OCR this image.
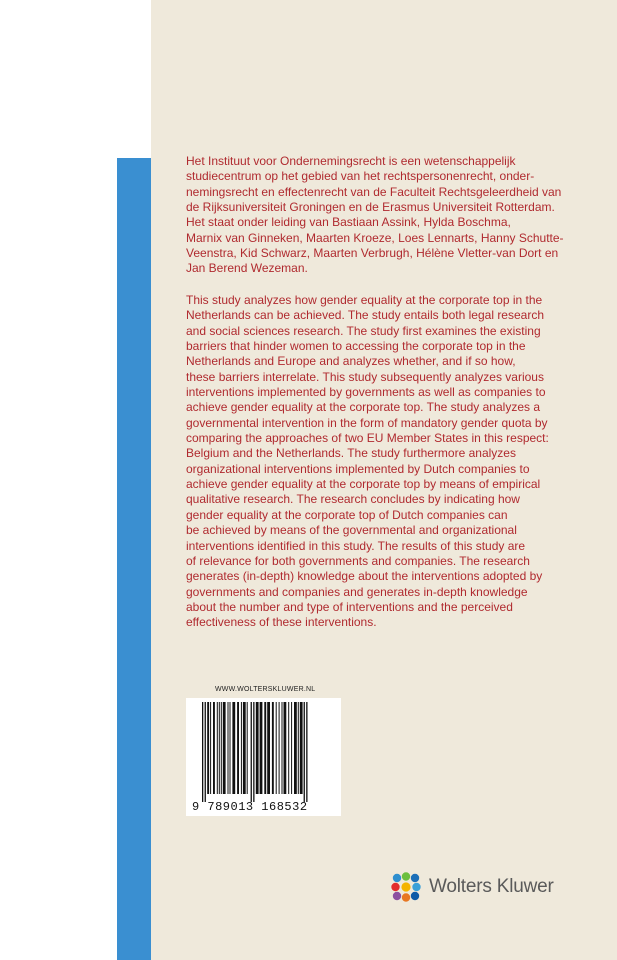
Het Instituut voor Ondernemingsrecht is een wetenschappelijk
studiecentrum op het gebied van het rechtspersonenrecht, onder-
nemingsrecht en effectenrecht van de Faculteit Rechtsgeleerdheid van
de Rijksuniversiteit Groningen en de Erasmus Universiteit Rotterdam.
Het staat onder leiding van Bastiaan Assink, Hylda Boschma,
Marnix van Ginneken, Maarten Kroeze, Loes Lennarts, Hanny Schutte-
Veenstra, Kid Schwarz, Maarten Verbrugh, Hélène Vletter-van Dort en
Jan Berend Wezeman.

This study analyzes how gender equality at the corporate top in the
Netherlands can be achieved. The study entails both legal research
and social sciences research. The study first examines the existing
barriers that hinder women to accessing the corporate top in the
Netherlands and Europe and analyzes whether, and if so how,
these barriers interrelate. This study subsequently analyzes various
interventions implemented by governments as well as companies to
achieve gender equality at the corporate top. The study analyzes a
governmental intervention in the form of mandatory gender quota by
comparing the approaches of two EU Member States in this respect:
Belgium and the Netherlands. The study furthermore analyzes
organizational interventions implemented by Dutch companies to
achieve gender equality at the corporate top by means of empirical
qualitative research. The research concludes by indicating how
gender equality at the corporate top of Dutch companies can
be achieved by means of the governmental and organizational
interventions identified in this study. The results of this study are
of relevance for both governments and companies. The research
generates (in-depth) knowledge about the interventions adopted by
governments and companies and generates in-depth knowledge
about the number and type of interventions and the perceived
effectiveness of these interventions.

WWW.WOLTERSKLUWER.NL
9 789013 168532
Wolters Kluwer
